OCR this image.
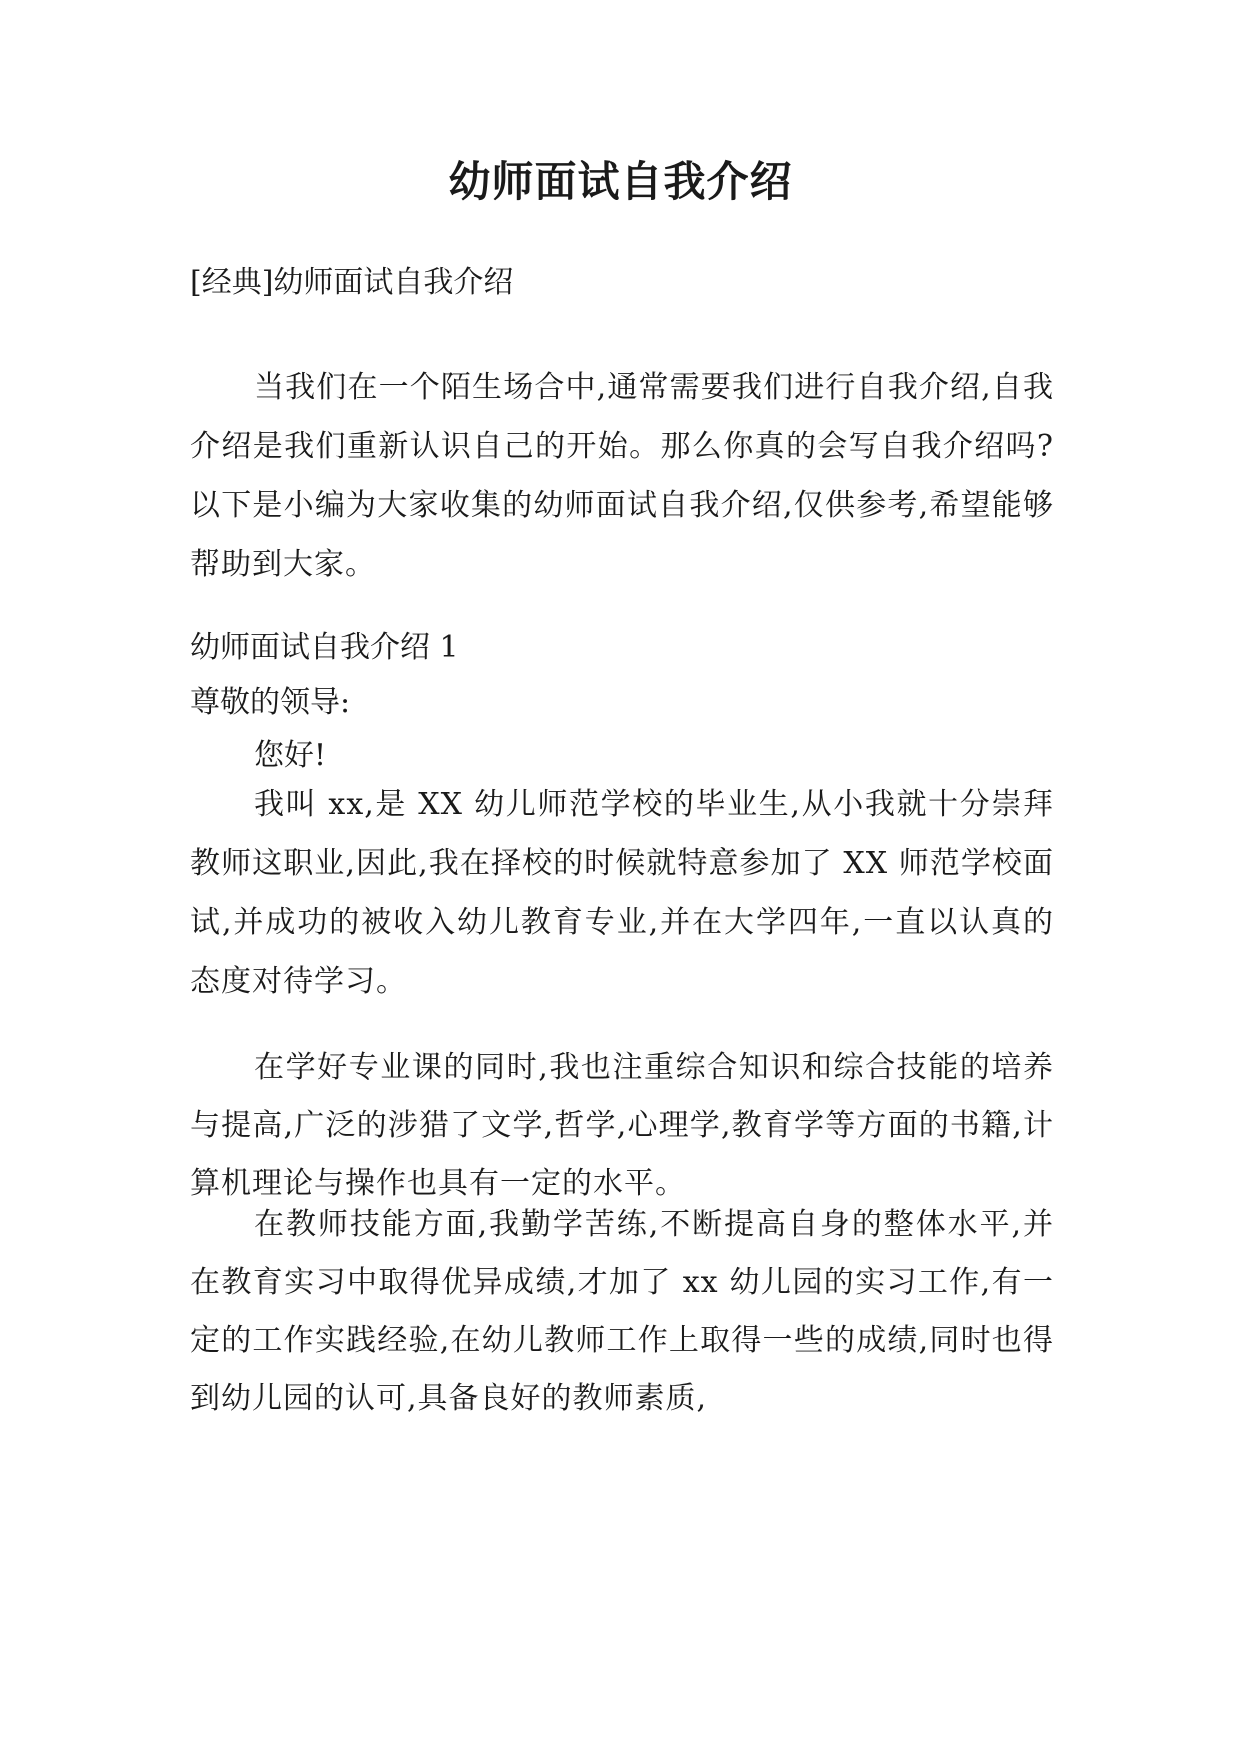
幼师面试自我介绍

[经典]幼师面试自我介绍

当我们在一个陌生场合中,通常需要我们进行自我介绍,自我介绍是我们重新认识自己的开始。那么你真的会写自我介绍吗?以下是小编为大家收集的幼师面试自我介绍,仅供参考,希望能够帮助到大家。

幼师面试自我介绍 1

尊敬的领导:

您好!

我叫 xx,是 XX 幼儿师范学校的毕业生,从小我就十分崇拜教师这职业,因此,我在择校的时候就特意参加了 XX 师范学校面试,并成功的被收入幼儿教育专业,并在大学四年,一直以认真的态度对待学习。

在学好专业课的同时,我也注重综合知识和综合技能的培养与提高,广泛的涉猎了文学,哲学,心理学,教育学等方面的书籍,计算机理论与操作也具有一定的水平。

在教师技能方面,我勤学苦练,不断提高自身的整体水平,并在教育实习中取得优异成绩,才加了 xx 幼儿园的实习工作,有一定的工作实践经验,在幼儿教师工作上取得一些的成绩,同时也得到幼儿园的认可,具备良好的教师素质,
